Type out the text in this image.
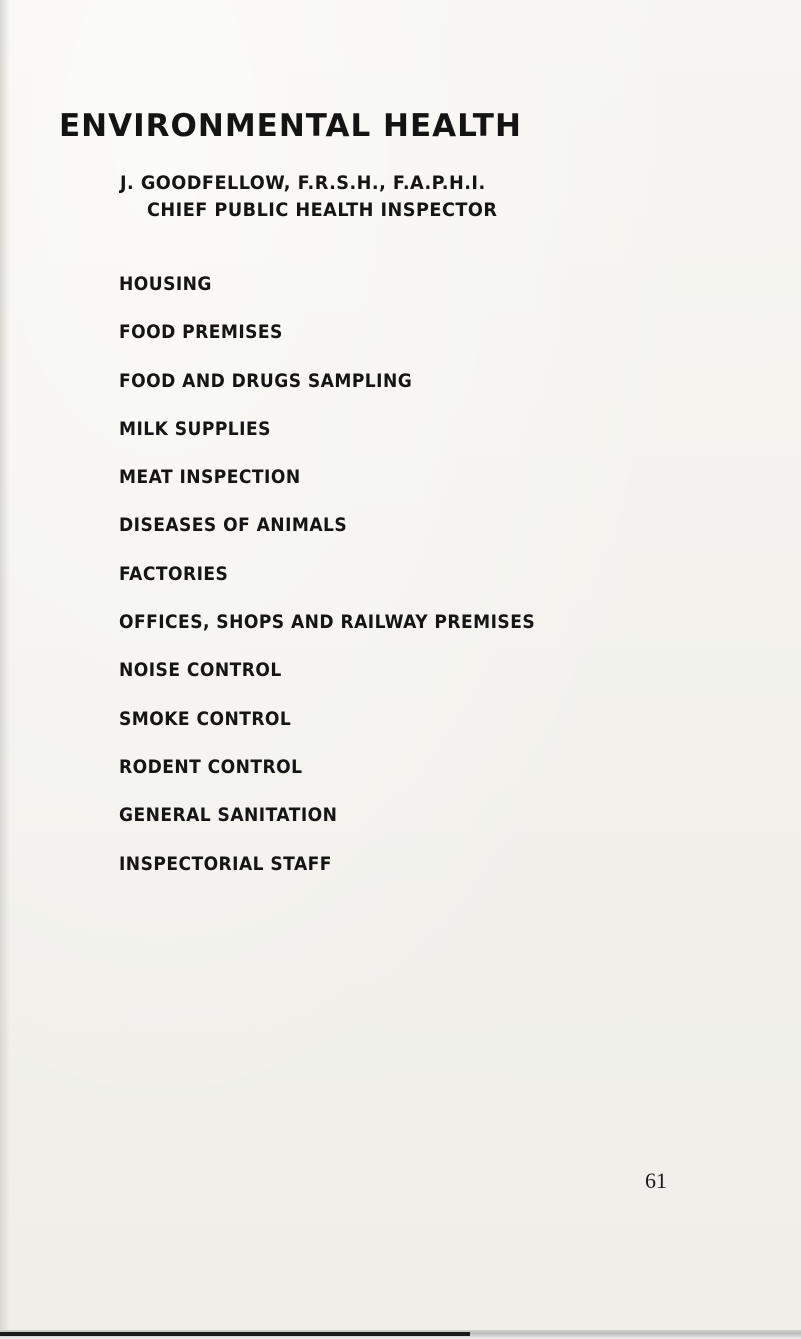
ENVIRONMENTAL HEALTH
J. GOODFELLOW, F.R.S.H., F.A.P.H.I.
CHIEF PUBLIC HEALTH INSPECTOR
HOUSING
FOOD PREMISES
FOOD AND DRUGS SAMPLING
MILK SUPPLIES
MEAT INSPECTION
DISEASES OF ANIMALS
FACTORIES
OFFICES, SHOPS AND RAILWAY PREMISES
NOISE CONTROL
SMOKE CONTROL
RODENT CONTROL
GENERAL SANITATION
INSPECTORIAL STAFF
61
